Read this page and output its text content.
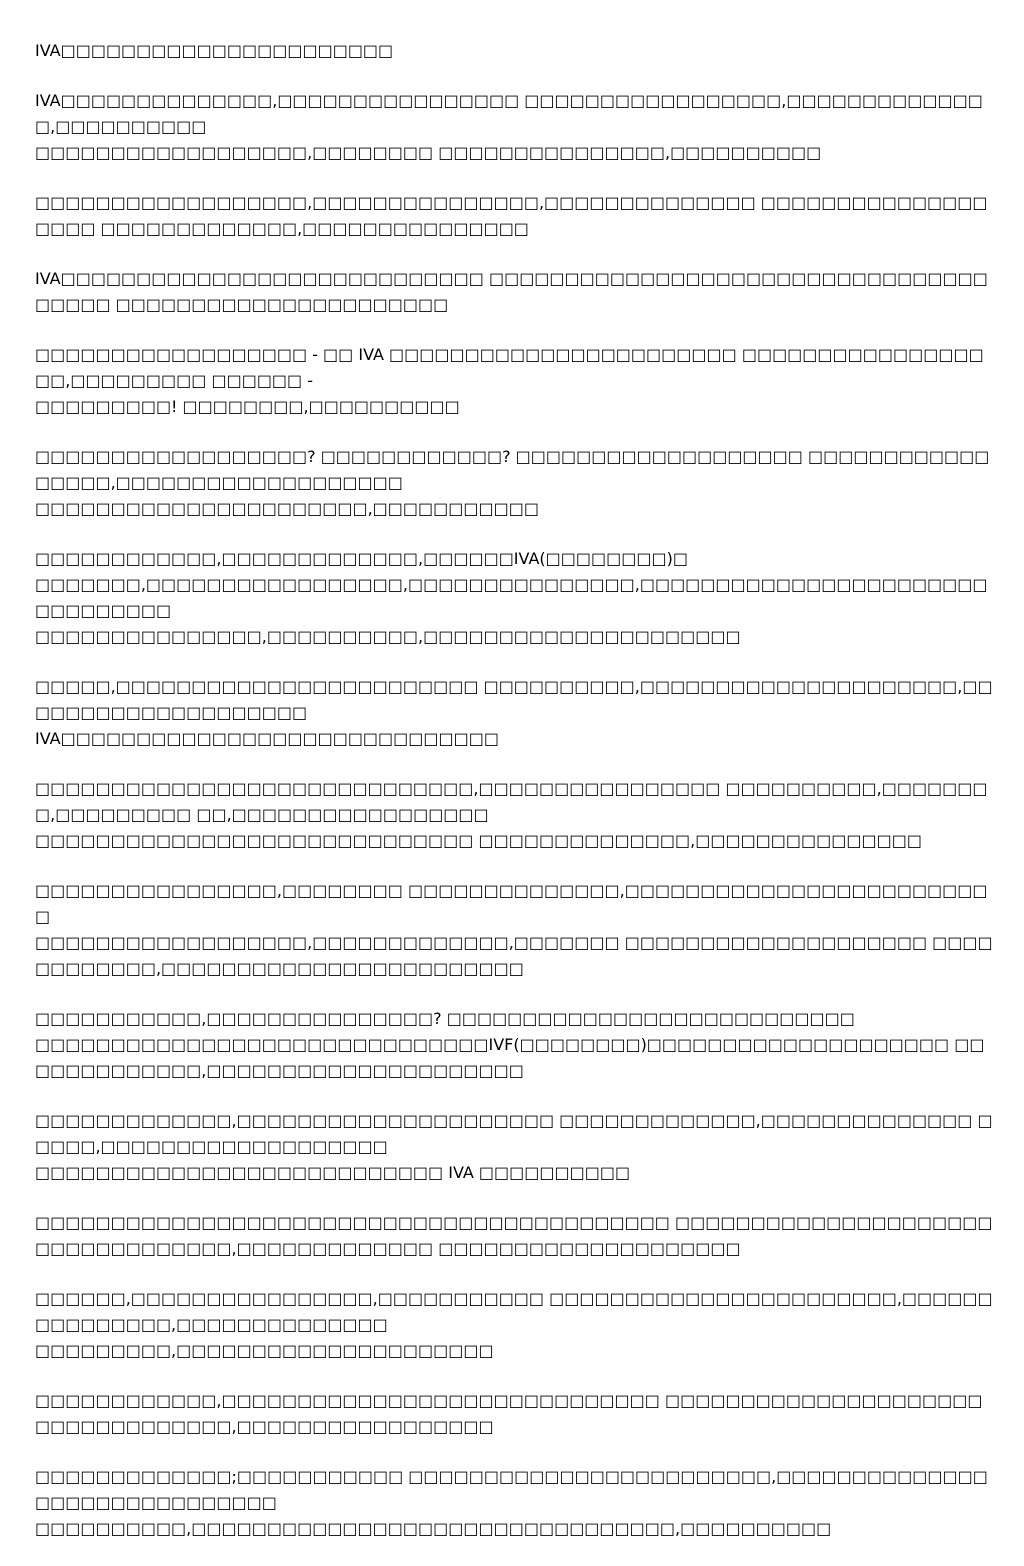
IVA□□□□□□□□□□□□□□□□□□□□□□

IVA□□□□□□□□□□□□□□,□□□□□□□□□□□□□□□□ □□□□□□□□□□□□□□□□□,□□□□□□□□□□□□□□,□□□□□□□□□□
□□□□□□□□□□□□□□□□□□,□□□□□□□□ □□□□□□□□□□□□□□□,□□□□□□□□□□

□□□□□□□□□□□□□□□□□□,□□□□□□□□□□□□□□□,□□□□□□□□□□□□□□ □□□□□□□□□□□□□□□□□□□ □□□□□□□□□□□□□,□□□□□□□□□□□□□□□

IVA□□□□□□□□□□□□□□□□□□□□□□□□□□□□ □□□□□□□□□□□□□□□□□□□□□□□□□□□□□□□□□□□□□□ □□□□□□□□□□□□□□□□□□□□□□

□□□□□□□□□□□□□□□□□□ - □□ IVA □□□□□□□□□□□□□□□□□□□□□□□ □□□□□□□□□□□□□□□□□□,□□□□□□□□□ □□□□□□ -
□□□□□□□□□! □□□□□□□□,□□□□□□□□□□

□□□□□□□□□□□□□□□□□□? □□□□□□□□□□□□? □□□□□□□□□□□□□□□□□□□ □□□□□□□□□□□□□□□□□,□□□□□□□□□□□□□□□□□□□
□□□□□□□□□□□□□□□□□□□□□□,□□□□□□□□□□□

□□□□□□□□□□□□,□□□□□□□□□□□□□,□□□□□□IVA(□□□□□□□□)□
□□□□□□□,□□□□□□□□□□□□□□□□□,□□□□□□□□□□□□□□□,□□□□□□□□□□□□□□□□□□□□□□□□□□□□□□□□
□□□□□□□□□□□□□□□,□□□□□□□□□□,□□□□□□□□□□□□□□□□□□□□□

□□□□□,□□□□□□□□□□□□□□□□□□□□□□□□ □□□□□□□□□□,□□□□□□□□□□□□□□□□□□□□□,□□□□□□□□□□□□□□□□□□□□
IVA□□□□□□□□□□□□□□□□□□□□□□□□□□□□□

□□□□□□□□□□□□□□□□□□□□□□□□□□□□□,□□□□□□□□□□□□□□□□ □□□□□□□□□□,□□□□□□□□,□□□□□□□□□ □□,□□□□□□□□□□□□□□□□□
□□□□□□□□□□□□□□□□□□□□□□□□□□□□□ □□□□□□□□□□□□□□,□□□□□□□□□□□□□□□

□□□□□□□□□□□□□□□□,□□□□□□□□ □□□□□□□□□□□□□□,□□□□□□□□□□□□□□□□□□□□□□□□□
□□□□□□□□□□□□□□□□□□,□□□□□□□□□□□□□,□□□□□□□ □□□□□□□□□□□□□□□□□□□□ □□□□□□□□□□□□,□□□□□□□□□□□□□□□□□□□□□□□□

□□□□□□□□□□□,□□□□□□□□□□□□□□□? □□□□□□□□□□□□□□□□□□□□□□□□□□□
□□□□□□□□□□□□□□□□□□□□□□□□□□□□□□IVF(□□□□□□□□)□□□□□□□□□□□□□□□□□□□□ □□□□□□□□□□□□□,□□□□□□□□□□□□□□□□□□□□□

□□□□□□□□□□□□□,□□□□□□□□□□□□□□□□□□□□□ □□□□□□□□□□□□□,□□□□□□□□□□□□□□ □□□□□,□□□□□□□□□□□□□□□□□□□
□□□□□□□□□□□□□□□□□□□□□□□□□□□ IVA □□□□□□□□□□

□□□□□□□□□□□□□□□□□□□□□□□□□□□□□□□□□□□□□□□□□□ □□□□□□□□□□□□□□□□□□□□□□□□□□□□□□□□□□,□□□□□□□□□□□□□ □□□□□□□□□□□□□□□□□□□□

□□□□□□,□□□□□□□□□□□□□□□□,□□□□□□□□□□□ □□□□□□□□□□□□□□□□□□□□□□□,□□□□□□□□□□□□□□□,□□□□□□□□□□□□□□
□□□□□□□□□,□□□□□□□□□□□□□□□□□□□□□

□□□□□□□□□□□□,□□□□□□□□□□□□□□□□□□□□□□□□□□□□□ □□□□□□□□□□□□□□□□□□□□□□□□□□□□□□□□□□,□□□□□□□□□□□□□□□□□

□□□□□□□□□□□□□;□□□□□□□□□□□ □□□□□□□□□□□□□□□□□□□□□□□□,□□□□□□□□□□□□□□□□□□□□□□□□□□□□□□
□□□□□□□□□□,□□□□□□□□□□□□□□□□□□□□□□□□□□□□□□□□,□□□□□□□□□□
